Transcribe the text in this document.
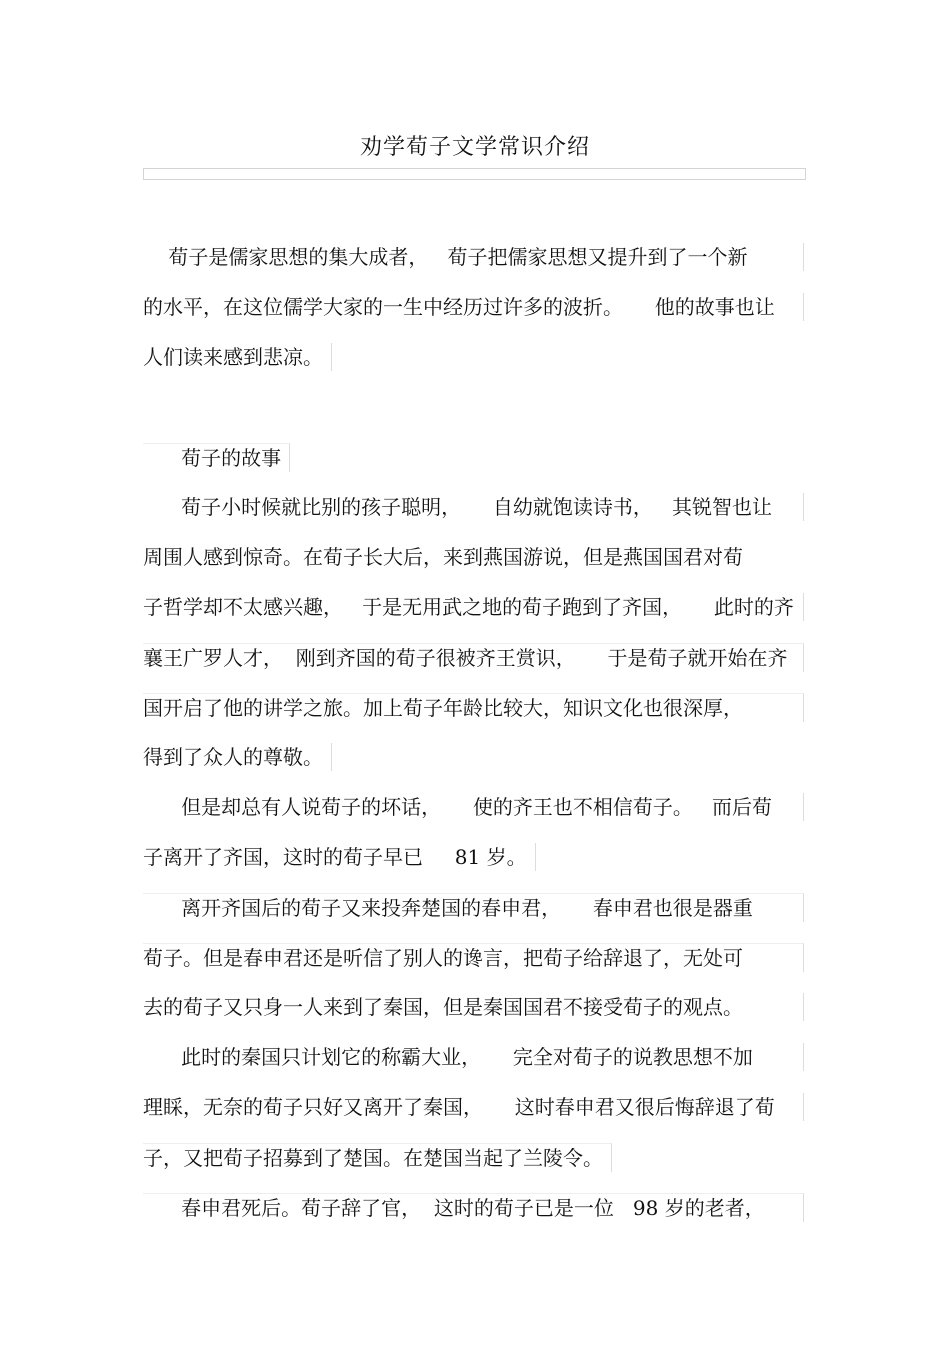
劝学荀子文学常识介绍
荀子是儒家思想的集大成者，   荀子把儒家思想又提升到了一个新
的水平，在这位儒学大家的一生中经历过许多的波折。     他的故事也让
人们读来感到悲凉。
荀子的故事
荀子小时候就比别的孩子聪明，     自幼就饱读诗书，   其锐智也让
周围人感到惊奇。在荀子长大后，来到燕国游说，但是燕国国君对荀
子哲学却不太感兴趣，   于是无用武之地的荀子跑到了齐国，     此时的齐
襄王广罗人才，  刚到齐国的荀子很被齐王赏识，     于是荀子就开始在齐
国开启了他的讲学之旅。加上荀子年龄比较大，知识文化也很深厚，
得到了众人的尊敬。
但是却总有人说荀子的坏话，     使的齐王也不相信荀子。   而后荀
子离开了齐国，这时的荀子早已     81 岁。
离开齐国后的荀子又来投奔楚国的春申君，     春申君也很是器重
荀子。但是春申君还是听信了别人的谗言，把荀子给辞退了，无处可
去的荀子又只身一人来到了秦国，但是秦国国君不接受荀子的观点。
此时的秦国只计划它的称霸大业，     完全对荀子的说教思想不加
理睬，无奈的荀子只好又离开了秦国，     这时春申君又很后悔辞退了荀
子，又把荀子招募到了楚国。在楚国当起了兰陵令。
春申君死后。荀子辞了官，  这时的荀子已是一位   98 岁的老者，
